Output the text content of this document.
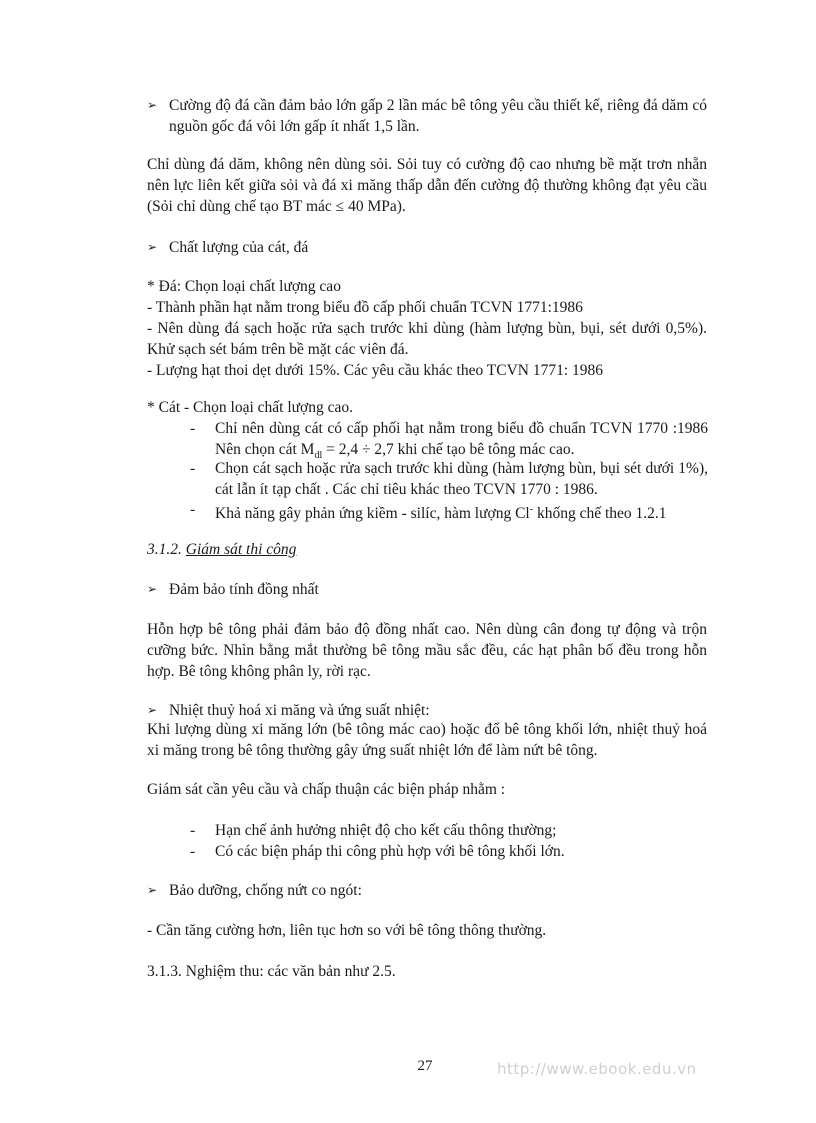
➢ Cường độ đá cần đảm bảo lớn gấp 2 lần mác bê tông yêu cầu thiết kế, riêng đá dăm có nguồn gốc đá vôi lớn gấp ít nhất 1,5 lần.

Chỉ dùng đá dăm, không nên dùng sỏi. Sỏi tuy có cường độ cao nhưng bề mặt trơn nhẵn nên lực liên kết giữa sỏi và đá xi măng thấp dẫn đến cường độ thường không đạt yêu cầu (Sỏi chỉ dùng chế tạo BT mác ≤ 40 MPa).

➢ Chất lượng của cát, đá
* Đá: Chọn loại chất lượng cao
- Thành phần hạt nằm trong biểu đồ cấp phối chuẩn TCVN 1771:1986
- Nên dùng đá sạch hoặc rửa sạch trước khi dùng (hàm lượng bùn, bụi, sét dưới 0,5%). Khử sạch sét bám trên bề mặt các viên đá.
- Lượng hạt thoi dẹt dưới 15%. Các yêu cầu khác theo TCVN 1771: 1986

* Cát - Chọn loại chất lượng cao.

- Chỉ nên dùng cát có cấp phối hạt nằm trong biểu đồ chuẩn TCVN 1770 :1986 Nên chọn cát $M_{dl} = 2,4 \div 2,7$ khi chế tạo bê tông mác cao.
- Chọn cát sạch hoặc rửa sạch trước khi dùng (hàm lượng bùn, bụi sét dưới 1%), cát lẫn ít tạp chất . Các chỉ tiêu khác theo TCVN 1770 : 1986.
- Khả năng gây phản ứng kiềm - silíc, hàm lượng Cl- khống chế theo 1.2.1

3.1.2. Giám sát thi công

➢ Đảm bảo tính đồng nhất

Hỗn hợp bê tông phải đảm bảo độ đồng nhất cao. Nên dùng cân đong tự động và trộn cưỡng bức. Nhìn bằng mắt thường bê tông mầu sắc đều, các hạt phân bố đều trong hỗn hợp. Bê tông không phân ly, rời rạc.

➢ Nhiệt thuỷ hoá xi măng và ứng suất nhiệt:

Khi lượng dùng xi măng lớn (bê tông mác cao) hoặc đổ bê tông khối lớn, nhiệt thuỷ hoá xi măng trong bê tông thường gây ứng suất nhiệt lớn để làm nứt bê tông.

Giám sát cần yêu cầu và chấp thuận các biện pháp nhằm :

- Hạn chế ảnh hưởng nhiệt độ cho kết cấu thông thường;
- Có các biện pháp thi công phù hợp với bê tông khối lớn.
➢ Bảo dưỡng, chống nứt co ngót:

- Cần tăng cường hơn, liên tục hơn so với bê tông thông thường.

3.1.3. Nghiệm thu: các văn bản như 2.5.

27	http://www.ebook.edu.vn
